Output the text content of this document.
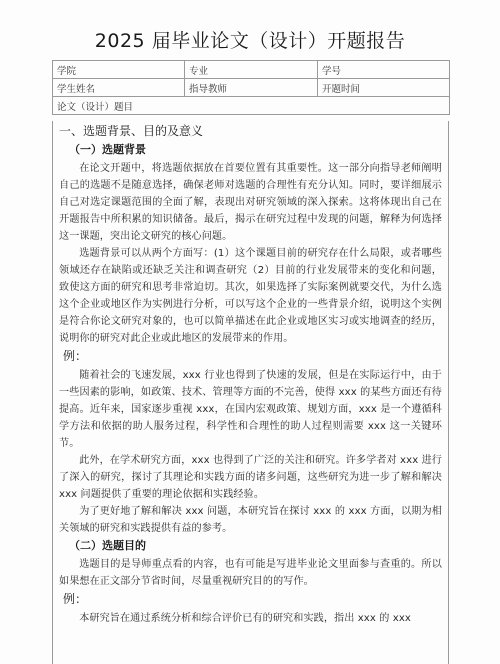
2025 届毕业论文（设计）开题报告
学院	专业	学号
学生姓名	指导教师	开题时间
论文（设计）题目		
一、选题背景、目的及意义
（一）选题背景

在论文开题中，将选题依据放在首要位置有其重要性。这一部分向指导老师阐明自己的选题不是随意选择，确保老师对选题的合理性有充分认知。同时，要详细展示自己对选定课题范围的全面了解，表现出对研究领域的深入探索。这将体现出自己在开题报告中所积累的知识储备。最后，揭示在研究过程中发现的问题，解释为何选择这一课题，突出论文研究的核心问题。

选题背景可以从两个方面写：(1）这个课题目前的研究存在什么局限，或者哪些领域还存在缺陷或还缺乏关注和调查研究（2）目前的行业发展带来的变化和问题，致使这方面的研究和思考非常迫切。其次，如果选择了实际案例就要交代，为什么选这个企业或地区作为实例进行分析，可以写这个企业的一些背景介绍，说明这个实例是符合你论文研究对象的，也可以简单描述在此企业或地区实习或实地调查的经历，说明你的研究对此企业或此地区的发展带来的作用。

例：

随着社会的飞速发展，xxx 行业也得到了快速的发展，但是在实际运行中，由于一些因素的影响，如政策、技术、管理等方面的不完善，使得 xxx 的某些方面还有待提高。近年来，国家逐步重视 xxx，在国内宏观政策、规划方面，xxx 是一个遵循科学方法和依据的助人服务过程，科学性和合理性的助人过程则需要 xxx 这一关键环节。

此外，在学术研究方面，xxx 也得到了广泛的关注和研究。许多学者对 xxx 进行了深入的研究，探讨了其理论和实践方面的诸多问题，这些研究为进一步了解和解决 xxx 问题提供了重要的理论依据和实践经验。

为了更好地了解和解决 xxx 问题，本研究旨在探讨 xxx 的 xxx 方面，以期为相关领域的研究和实践提供有益的参考。

（二）选题目的

选题目的是导师重点看的内容，也有可能是写进毕业论文里面参与查重的。所以如果想在正文部分节省时间，尽量重视研究目的的写作。

例：

本研究旨在通过系统分析和综合评价已有的研究和实践，指出 xxx 的 xxx
